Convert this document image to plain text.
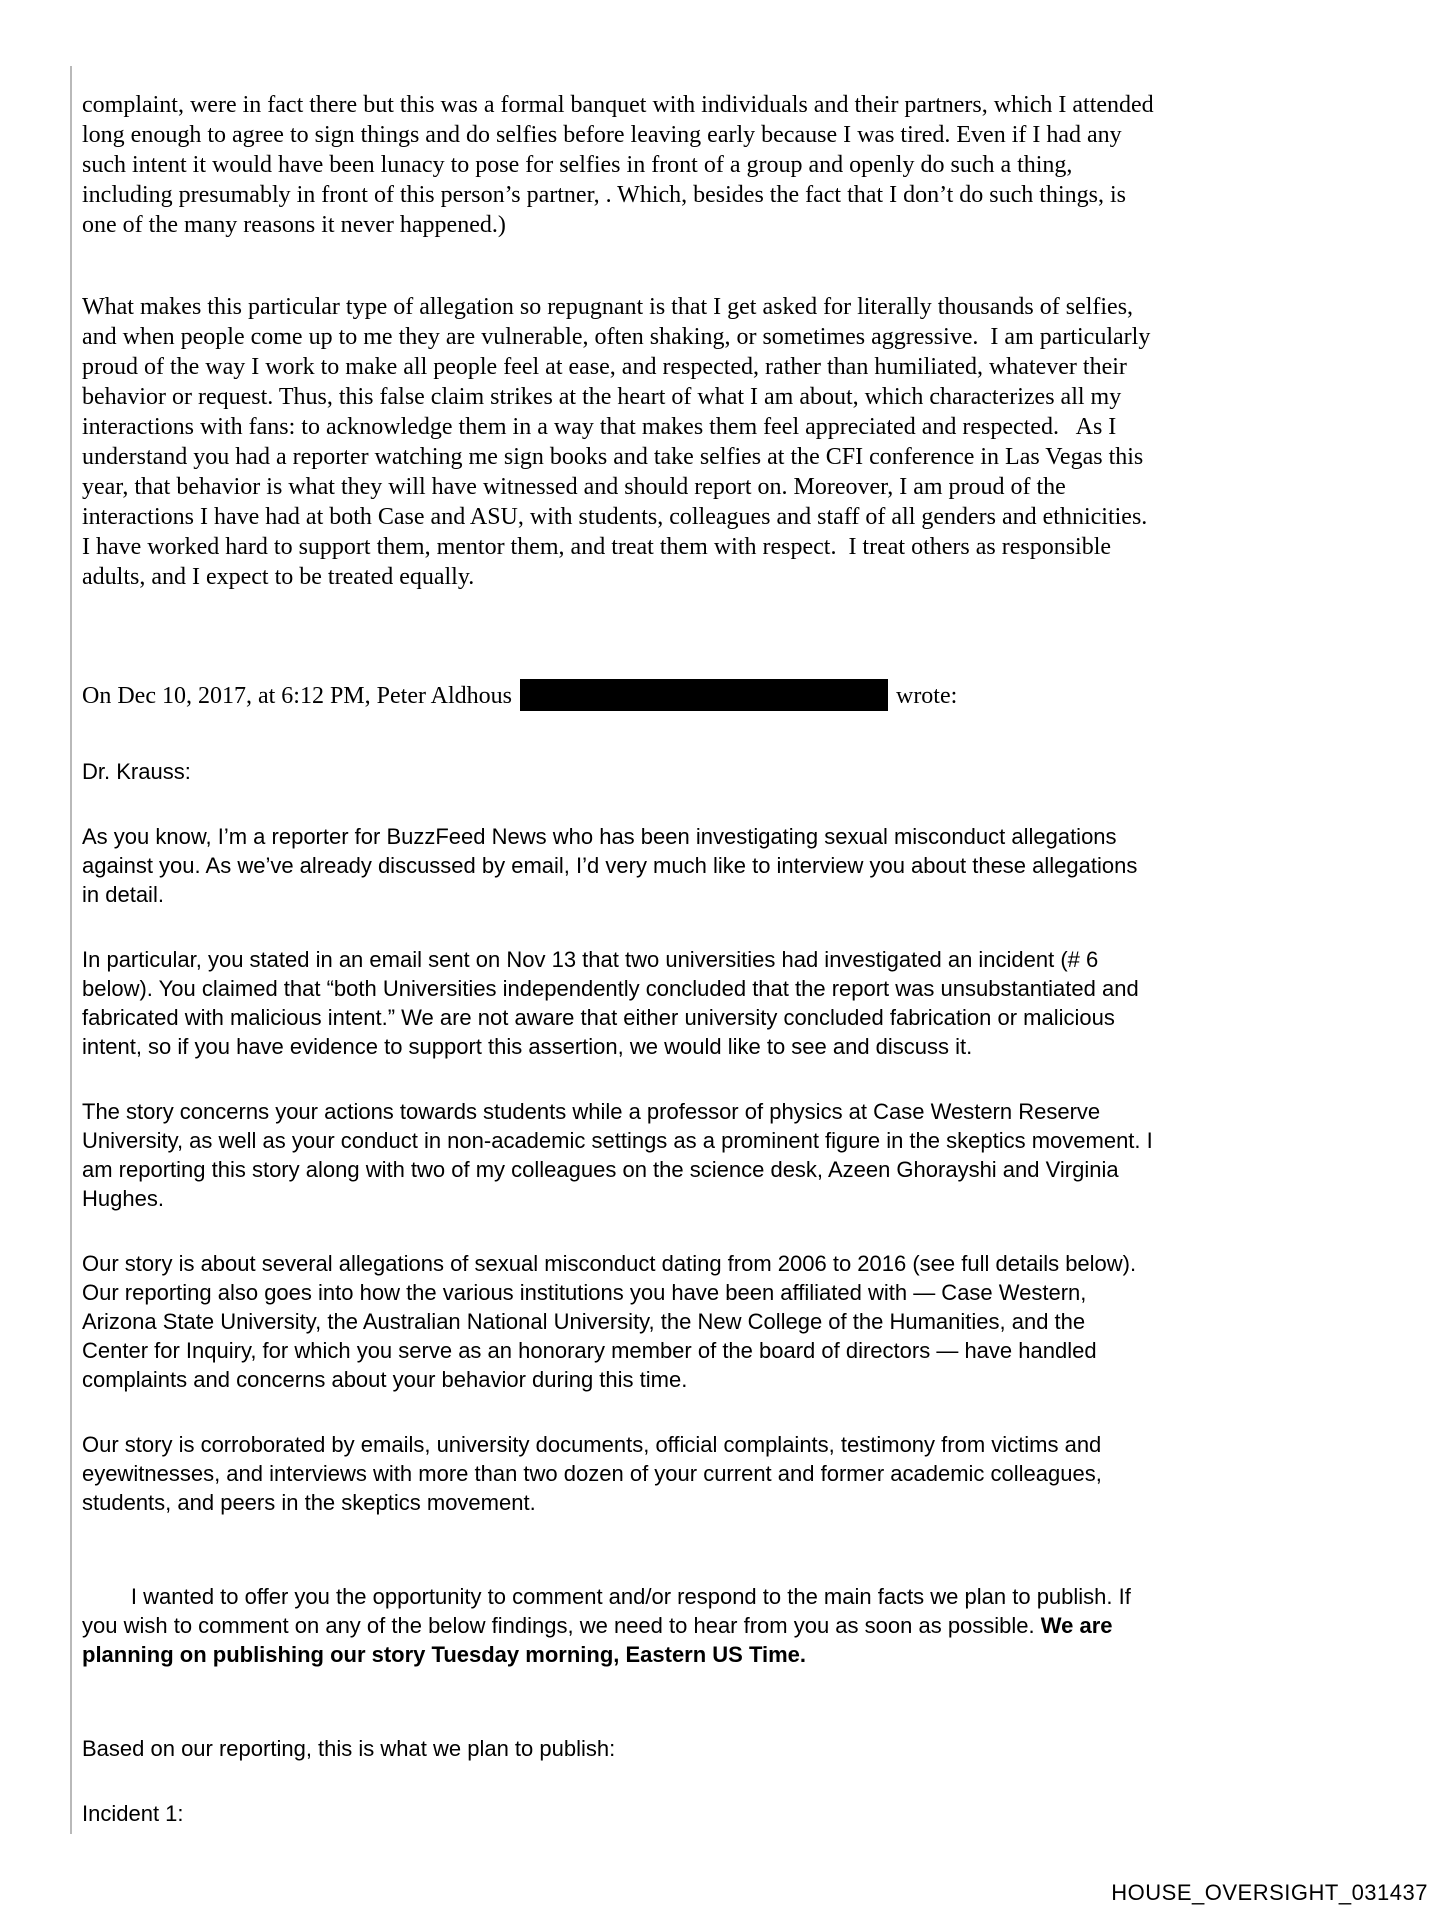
complaint, were in fact there but this was a formal banquet with individuals and their partners, which I attended long enough to agree to sign things and do selfies before leaving early because I was tired. Even if I had any such intent it would have been lunacy to pose for selfies in front of a group and openly do such a thing, including presumably in front of this person’s partner, . Which, besides the fact that I don’t do such things, is one of the many reasons it never happened.)

What makes this particular type of allegation so repugnant is that I get asked for literally thousands of selfies, and when people come up to me they are vulnerable, often shaking, or sometimes aggressive.  I am particularly proud of the way I work to make all people feel at ease, and respected, rather than humiliated, whatever their behavior or request. Thus, this false claim strikes at the heart of what I am about, which characterizes all my interactions with fans: to acknowledge them in a way that makes them feel appreciated and respected.   As I understand you had a reporter watching me sign books and take selfies at the CFI conference in Las Vegas this year, that behavior is what they will have witnessed and should report on. Moreover, I am proud of the interactions I have had at both Case and ASU, with students, colleagues and staff of all genders and ethnicities.  I have worked hard to support them, mentor them, and treat them with respect.  I treat others as responsible adults, and I expect to be treated equally.

On Dec 10, 2017, at 6:12 PM, Peter Aldhous	wrote:

Dr. Krauss:

As you know, I’m a reporter for BuzzFeed News who has been investigating sexual misconduct allegations against you. As we’ve already discussed by email, I’d very much like to interview you about these allegations in detail.

In particular, you stated in an email sent on Nov 13 that two universities had investigated an incident (# 6 below). You claimed that “both Universities independently concluded that the report was unsubstantiated and fabricated with malicious intent.” We are not aware that either university concluded fabrication or malicious intent, so if you have evidence to support this assertion, we would like to see and discuss it.

The story concerns your actions towards students while a professor of physics at Case Western Reserve University, as well as your conduct in non-academic settings as a prominent figure in the skeptics movement. I am reporting this story along with two of my colleagues on the science desk, Azeen Ghorayshi and Virginia Hughes.

Our story is about several allegations of sexual misconduct dating from 2006 to 2016 (see full details below). Our reporting also goes into how the various institutions you have been affiliated with — Case Western, Arizona State University, the Australian National University, the New College of the Humanities, and the Center for Inquiry, for which you serve as an honorary member of the board of directors — have handled complaints and concerns about your behavior during this time.

Our story is corroborated by emails, university documents, official complaints, testimony from victims and eyewitnesses, and interviews with more than two dozen of your current and former academic colleagues, students, and peers in the skeptics movement.

I wanted to offer you the opportunity to comment and/or respond to the main facts we plan to publish. If you wish to comment on any of the below findings, we need to hear from you as soon as possible. We are planning on publishing our story Tuesday morning, Eastern US Time.

Based on our reporting, this is what we plan to publish:

Incident 1:

HOUSE_OVERSIGHT_031437
